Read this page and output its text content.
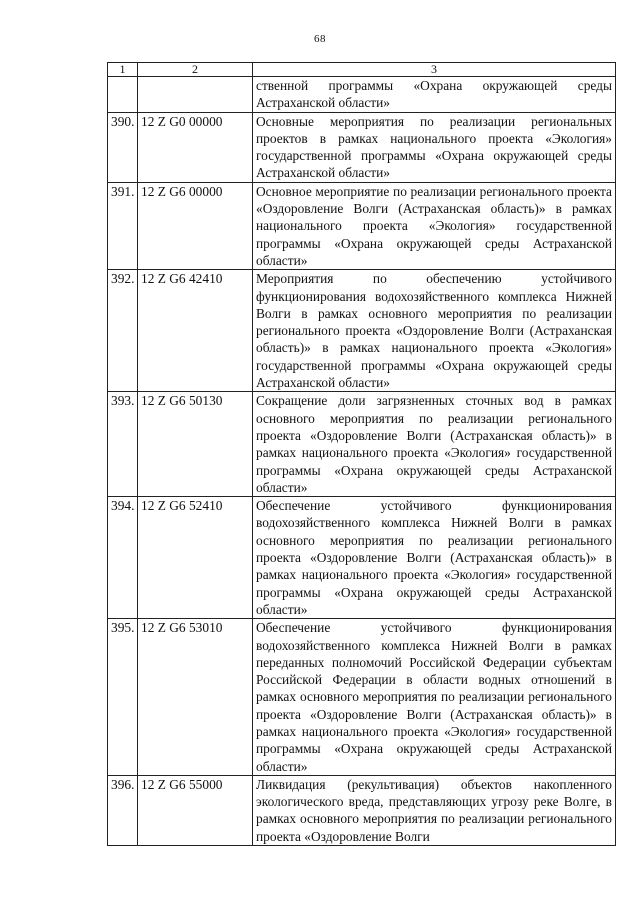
68
1	2	3
		ственной программы «Охрана окружающей среды Астраханской области»
390.	12 Z G0 00000	Основные мероприятия по реализации региональных проектов в рамках национального проекта «Экология» государственной программы «Охрана окружающей среды Астраханской области»
391.	12 Z G6 00000	Основное мероприятие по реализации регионального проекта «Оздоровление Волги (Астраханская область)» в рамках национального проекта «Экология» государственной программы «Охрана окружающей среды Астраханской области»
392.	12 Z G6 42410	Мероприятия по обеспечению устойчивого функционирования водохозяйственного комплекса Нижней Волги в рамках основного мероприятия по реализации регионального проекта «Оздоровление Волги (Астраханская область)» в рамках национального проекта «Экология» государственной программы «Охрана окружающей среды Астраханской области»
393.	12 Z G6 50130	Сокращение доли загрязненных сточных вод в рамках основного мероприятия по реализации регионального проекта «Оздоровление Волги (Астраханская область)» в рамках национального проекта «Экология» государственной программы «Охрана окружающей среды Астраханской области»
394.	12 Z G6 52410	Обеспечение устойчивого функционирования водохозяйственного комплекса Нижней Волги в рамках основного мероприятия по реализации регионального проекта «Оздоровление Волги (Астраханская область)» в рамках национального проекта «Экология» государственной программы «Охрана окружающей среды Астраханской области»
395.	12 Z G6 53010	Обеспечение устойчивого функционирования водохозяйственного комплекса Нижней Волги в рамках переданных полномочий Российской Федерации субъектам Российской Федерации в области водных отношений в рамках основного мероприятия по реализации регионального проекта «Оздоровление Волги (Астраханская область)» в рамках национального проекта «Экология» государственной программы «Охрана окружающей среды Астраханской области»
396.	12 Z G6 55000	Ликвидация (рекультивация) объектов накопленного экологического вреда, представляющих угрозу реке Волге, в рамках основного мероприятия по реализации регионального проекта «Оздоровление Волги
